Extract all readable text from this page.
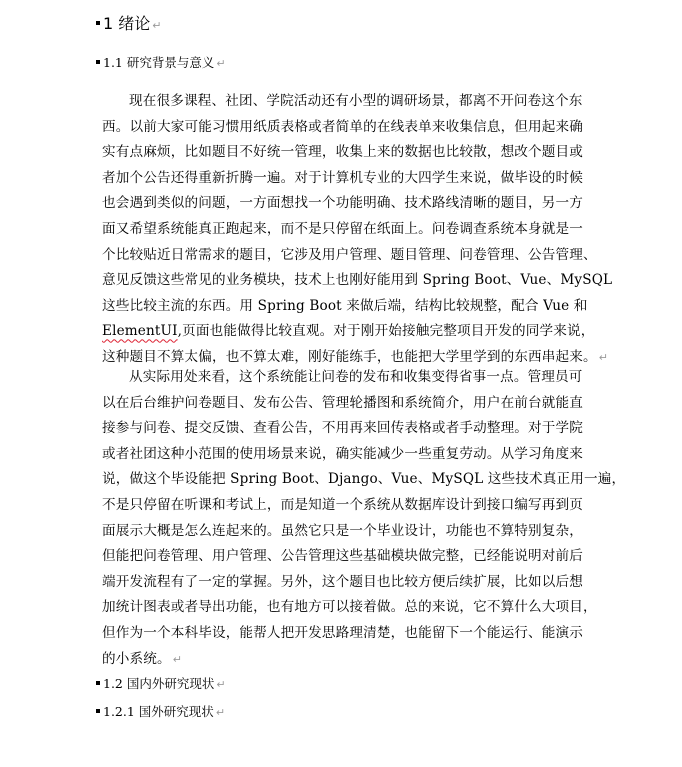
1 绪论 ↵
1.1 研究背景与意义 ↵
现在很多课程、社团、学院活动还有小型的调研场景，都离不开问卷这个东
西。以前大家可能习惯用纸质表格或者简单的在线表单来收集信息，但用起来确
实有点麻烦，比如题目不好统一管理，收集上来的数据也比较散，想改个题目或
者加个公告还得重新折腾一遍。对于计算机专业的大四学生来说，做毕设的时候
也会遇到类似的问题，一方面想找一个功能明确、技术路线清晰的题目，另一方
面又希望系统能真正跑起来，而不是只停留在纸面上。问卷调查系统本身就是一
个比较贴近日常需求的题目，它涉及用户管理、题目管理、问卷管理、公告管理、
意见反馈这些常见的业务模块，技术上也刚好能用到 Spring Boot、Vue、MySQL
这些比较主流的东西。用 Spring Boot 来做后端，结构比较规整，配合 Vue 和
ElementUI,页面也能做得比较直观。对于刚开始接触完整项目开发的同学来说，
这种题目不算太偏，也不算太难，刚好能练手，也能把大学里学到的东西串起来。 ↵
从实际用处来看，这个系统能让问卷的发布和收集变得省事一点。管理员可
以在后台维护问卷题目、发布公告、管理轮播图和系统简介，用户在前台就能直
接参与问卷、提交反馈、查看公告，不用再来回传表格或者手动整理。对于学院
或者社团这种小范围的使用场景来说，确实能减少一些重复劳动。从学习角度来
说，做这个毕设能把 Spring Boot、Django、Vue、MySQL 这些技术真正用一遍，
不是只停留在听课和考试上，而是知道一个系统从数据库设计到接口编写再到页
面展示大概是怎么连起来的。虽然它只是一个毕业设计，功能也不算特别复杂，
但能把问卷管理、用户管理、公告管理这些基础模块做完整，已经能说明对前后
端开发流程有了一定的掌握。另外，这个题目也比较方便后续扩展，比如以后想
加统计图表或者导出功能，也有地方可以接着做。总的来说，它不算什么大项目，
但作为一个本科毕设，能帮人把开发思路理清楚，也能留下一个能运行、能演示
的小系统。 ↵
1.2 国内外研究现状 ↵
1.2.1 国外研究现状 ↵
